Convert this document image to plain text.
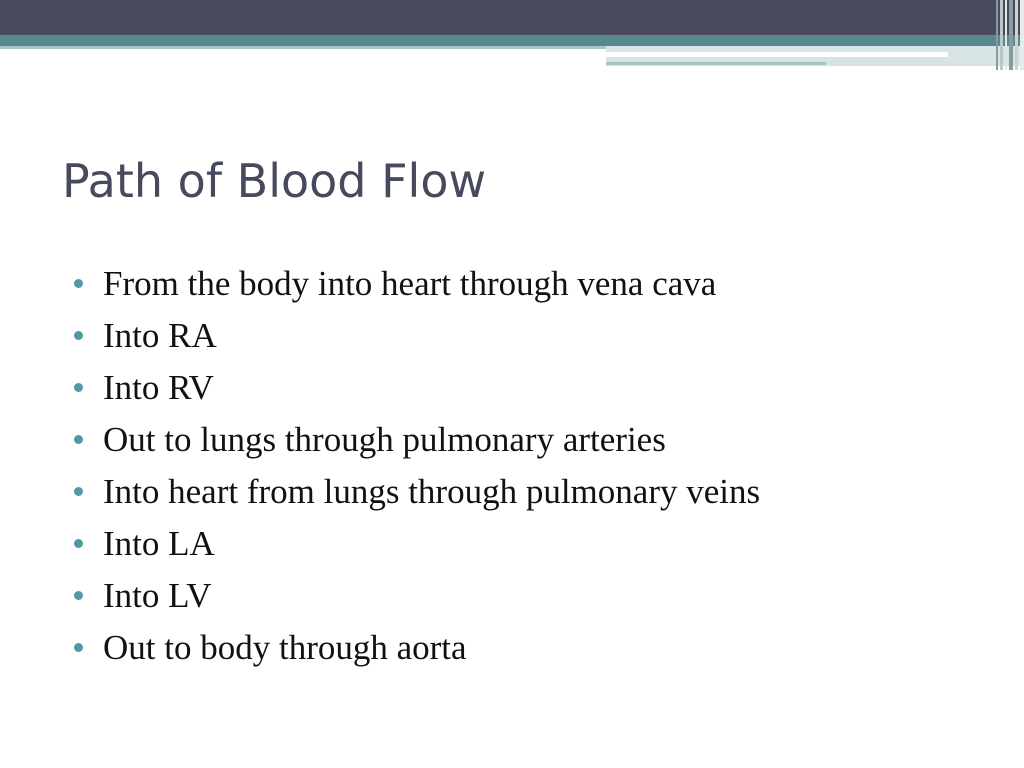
Path of Blood Flow
From the body into heart through vena cava
Into RA
Into RV
Out to lungs through pulmonary arteries
Into heart from lungs through pulmonary veins
Into LA
Into LV
Out to body through aorta
